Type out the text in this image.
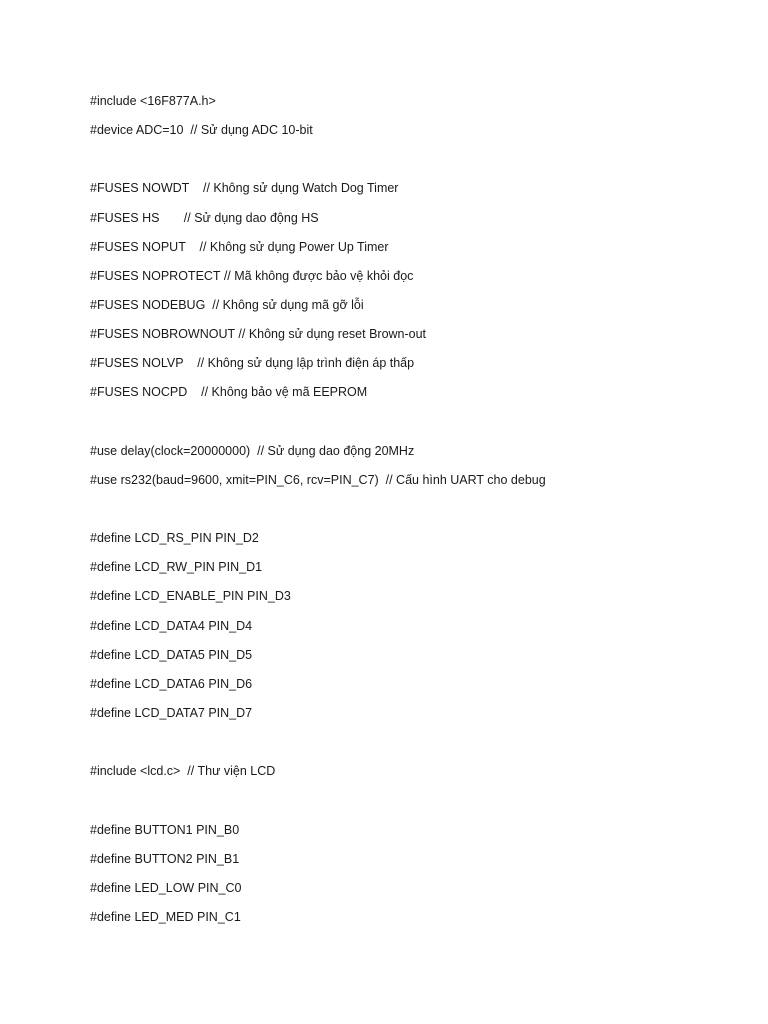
#include <16F877A.h>
#device ADC=10  // Sử dụng ADC 10-bit
#FUSES NOWDT    // Không sử dụng Watch Dog Timer
#FUSES HS       // Sử dụng dao động HS
#FUSES NOPUT    // Không sử dụng Power Up Timer
#FUSES NOPROTECT // Mã không được bảo vệ khỏi đọc
#FUSES NODEBUG  // Không sử dụng mã gỡ lỗi
#FUSES NOBROWNOUT // Không sử dụng reset Brown-out
#FUSES NOLVP    // Không sử dụng lập trình điện áp thấp
#FUSES NOCPD    // Không bảo vệ mã EEPROM
#use delay(clock=20000000)  // Sử dụng dao động 20MHz
#use rs232(baud=9600, xmit=PIN_C6, rcv=PIN_C7)  // Cấu hình UART cho debug
#define LCD_RS_PIN PIN_D2
#define LCD_RW_PIN PIN_D1
#define LCD_ENABLE_PIN PIN_D3
#define LCD_DATA4 PIN_D4
#define LCD_DATA5 PIN_D5
#define LCD_DATA6 PIN_D6
#define LCD_DATA7 PIN_D7
#include <lcd.c>  // Thư viện LCD
#define BUTTON1 PIN_B0
#define BUTTON2 PIN_B1
#define LED_LOW PIN_C0
#define LED_MED PIN_C1
